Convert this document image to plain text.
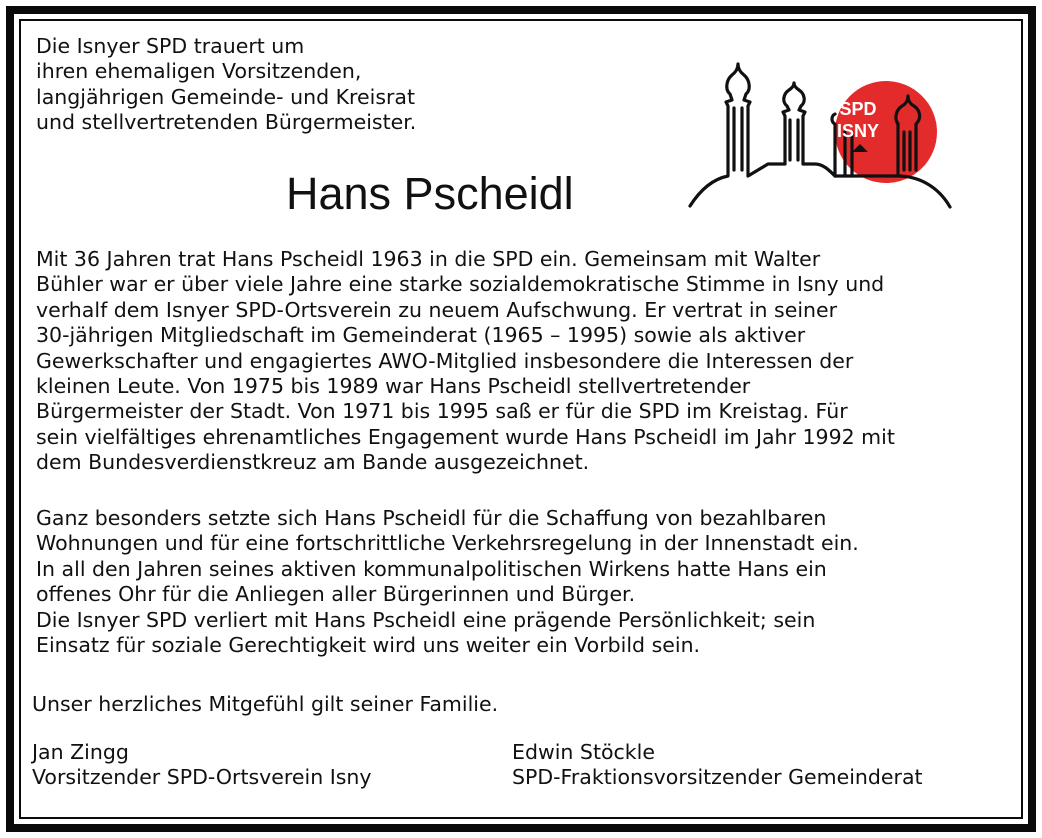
Die Isnyer SPD trauert um
ihren ehemaligen Vorsitzenden,
langjährigen Gemeinde- und Kreisrat
und stellvertretenden Bürgermeister.
Hans Pscheidl
SPD
ISNY
Mit 36 Jahren trat Hans Pscheidl 1963 in die SPD ein. Gemeinsam mit Walter
Bühler war er über viele Jahre eine starke sozialdemokratische Stimme in Isny und
verhalf dem Isnyer SPD-Ortsverein zu neuem Aufschwung. Er vertrat in seiner
30-jährigen Mitgliedschaft im Gemeinderat (1965 – 1995) sowie als aktiver
Gewerkschafter und engagiertes AWO-Mitglied insbesondere die Interessen der
kleinen Leute. Von 1975 bis 1989 war Hans Pscheidl stellvertretender
Bürgermeister der Stadt. Von 1971 bis 1995 saß er für die SPD im Kreistag. Für
sein vielfältiges ehrenamtliches Engagement wurde Hans Pscheidl im Jahr 1992 mit
dem Bundesverdienstkreuz am Bande ausgezeichnet.
Ganz besonders setzte sich Hans Pscheidl für die Schaffung von bezahlbaren
Wohnungen und für eine fortschrittliche Verkehrsregelung in der Innenstadt ein.
In all den Jahren seines aktiven kommunalpolitischen Wirkens hatte Hans ein
offenes Ohr für die Anliegen aller Bürgerinnen und Bürger.
Die Isnyer SPD verliert mit Hans Pscheidl eine prägende Persönlichkeit; sein
Einsatz für soziale Gerechtigkeit wird uns weiter ein Vorbild sein.
Unser herzliches Mitgefühl gilt seiner Familie.
Jan Zingg
Vorsitzender SPD-Ortsverein Isny
Edwin Stöckle
SPD-Fraktionsvorsitzender Gemeinderat
